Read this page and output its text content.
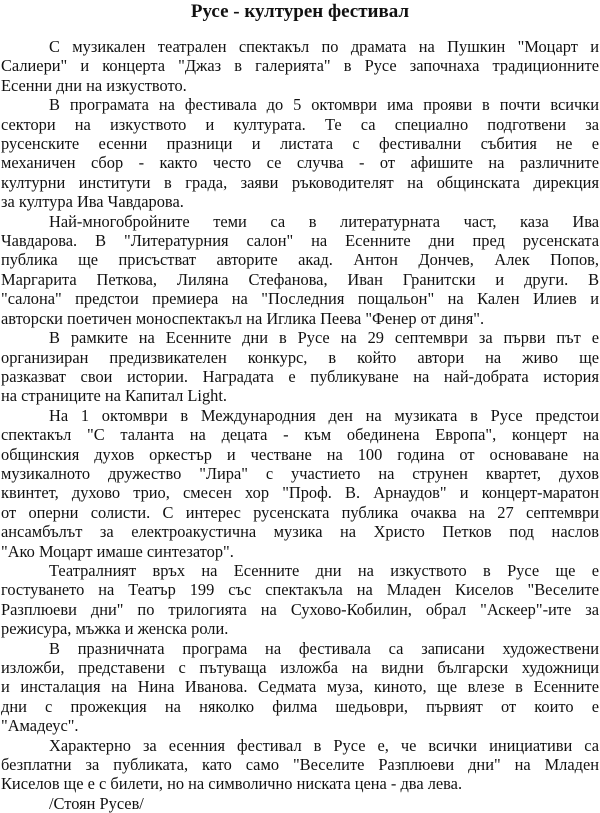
Русе - културен фестивал
С музикален театрален спектакъл по драмата на Пушкин "Моцарт и
Салиери" и концерта "Джаз в галерията" в Русе започнаха традиционните
Есенни дни на изкуството.
В програмата на фестивала до 5 октомври има прояви в почти всички
сектори на изкуството и културата. Те са специално подготвени за
русенските есенни празници и листата с фестивални събития не е
механичен сбор - както често се случва - от афишите на различните
културни институти в града, заяви ръководителят на общинската дирекция
за култура Ива Чавдарова.
Най-многобройните теми са в литературната част, каза Ива
Чавдарова. В "Литературния салон" на Есенните дни пред русенската
публика ще присъстват авторите акад. Антон Дончев, Алек Попов,
Маргарита Петкова, Лиляна Стефанова, Иван Гранитски и други. В
"салона" предстои премиера на "Последния пощальон" на Кален Илиев и
авторски поетичен моноспектакъл на Иглика Пеева "Фенер от диня".
В рамките на Есенните дни в Русе на 29 септември за първи път е
организиран предизвикателен конкурс, в който автори на живо ще
разказват свои истории. Наградата е публикуване на най-добрата история
на страниците на Капитал Light.
На 1 октомври в Международния ден на музиката в Русе предстои
спектакъл "С таланта на децата - към обединена Европа", концерт на
общинския духов оркестър и честване на 100 година от основаване на
музикалното дружество "Лира" с участието на струнен квартет, духов
квинтет, духово трио, смесен хор "Проф. В. Арнаудов" и концерт-маратон
от оперни солисти. С интерес русенската публика очаква на 27 септември
ансамбълът за електроакустична музика на Христо Петков под наслов
"Ако Моцарт имаше синтезатор".
Театралният връх на Есенните дни на изкуството в Русе ще е
гостуването на Театър 199 със спектакъла на Младен Киселов "Веселите
Разплюеви дни" по трилогията на Сухово-Кобилин, обрал "Аскеер"-ите за
режисура, мъжка и женска роли.
В празничната програма на фестивала са записани художествени
изложби, представени с пътуваща изложба на видни български художници
и инсталация на Нина Иванова. Седмата муза, киното, ще влезе в Есенните
дни с прожекция на няколко филма шедьоври, първият от които е
"Амадеус".
Характерно за есенния фестивал в Русе е, че всички инициативи са
безплатни за публиката, като само "Веселите Разплюеви дни" на Младен
Киселов ще е с билети, но на символично ниската цена - два лева.
/Стоян Русев/
